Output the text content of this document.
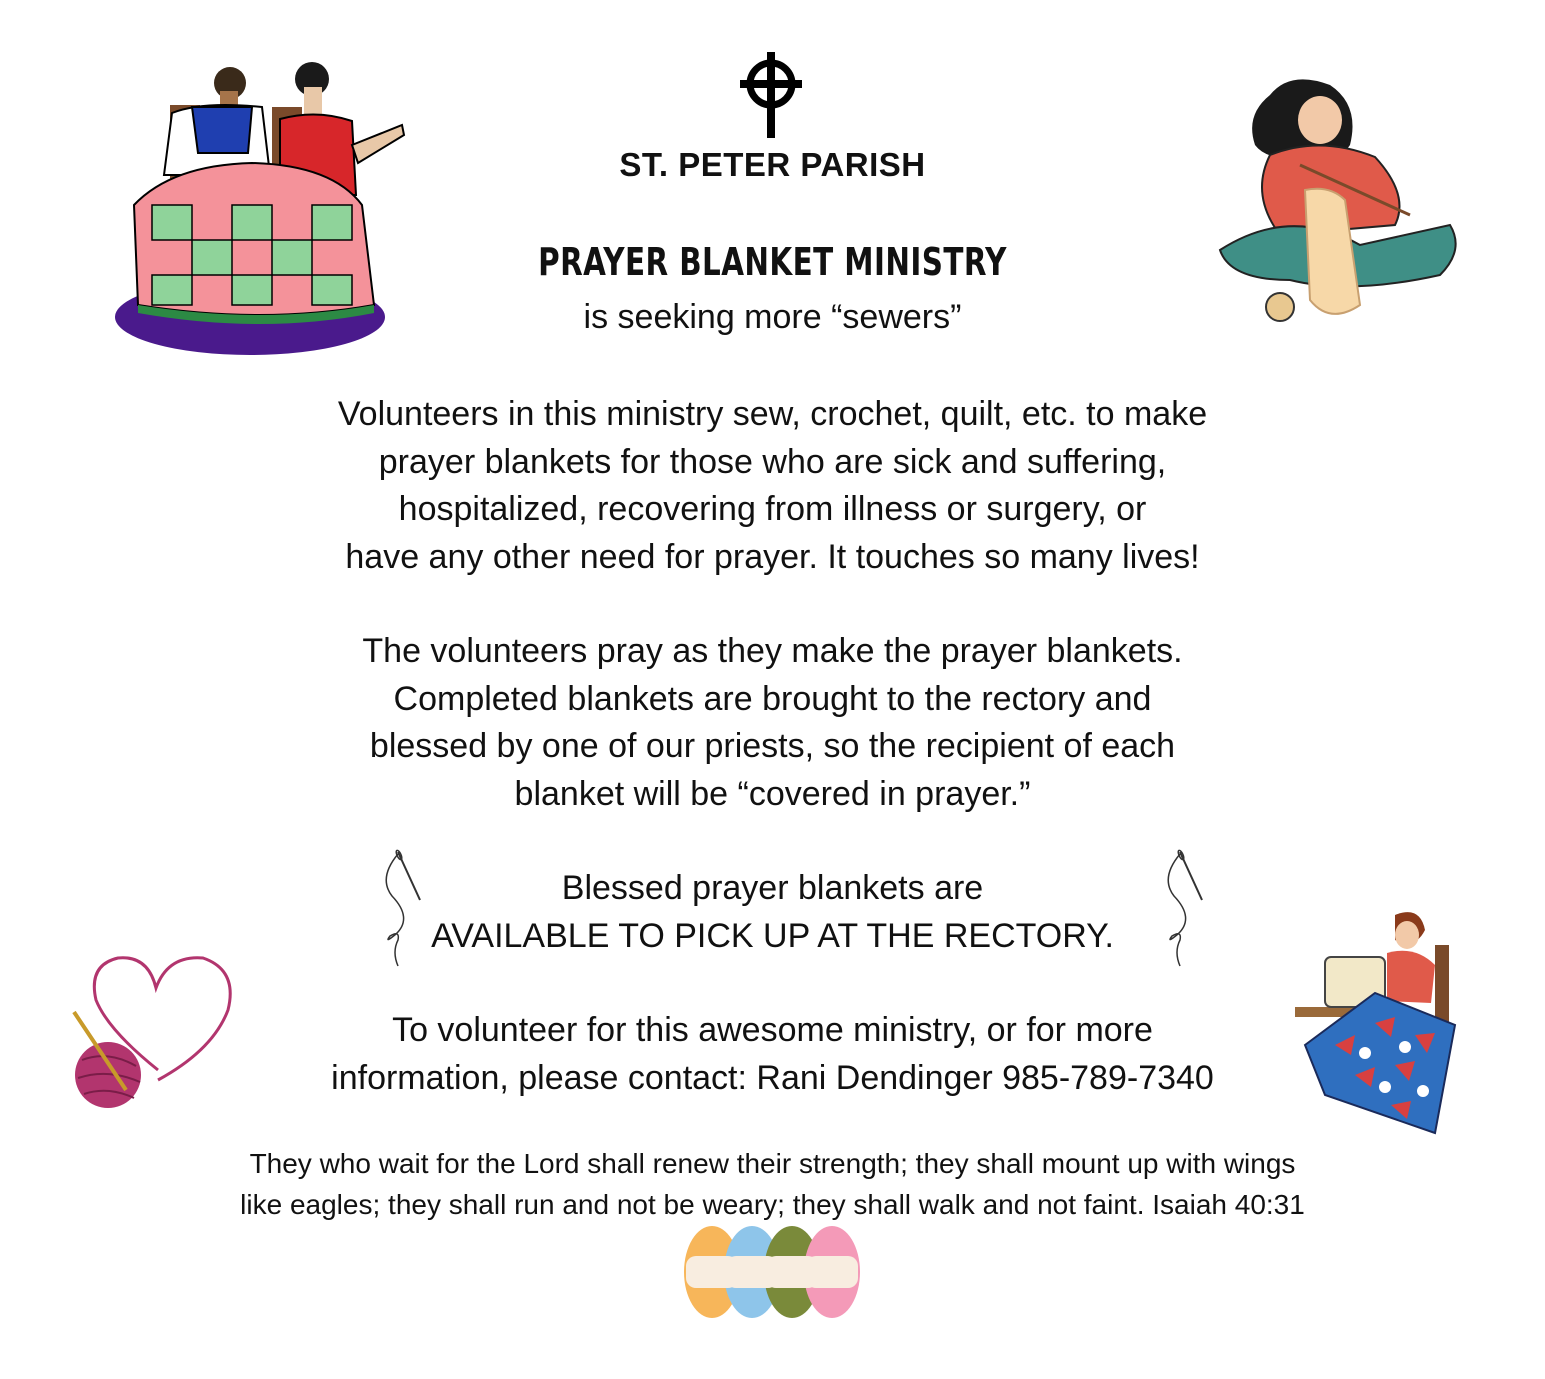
ST. PETER PARISH
PRAYER BLANKET MINISTRY
is seeking more “sewers”
Volunteers in this ministry sew, crochet, quilt, etc. to make
prayer blankets for those who are sick and suffering,
hospitalized, recovering from illness or surgery, or
have any other need for prayer. It touches so many lives!
The volunteers pray as they make the prayer blankets.
Completed blankets are brought to the rectory and
blessed by one of our priests, so the recipient of each
blanket will be “covered in prayer.”
Blessed prayer blankets are
AVAILABLE TO PICK UP AT THE RECTORY.
To volunteer for this awesome ministry, or for more
information, please contact: Rani Dendinger 985-789-7340
They who wait for the Lord shall renew their strength; they shall mount up with wings
like eagles; they shall run and not be weary; they shall walk and not faint. Isaiah 40:31
